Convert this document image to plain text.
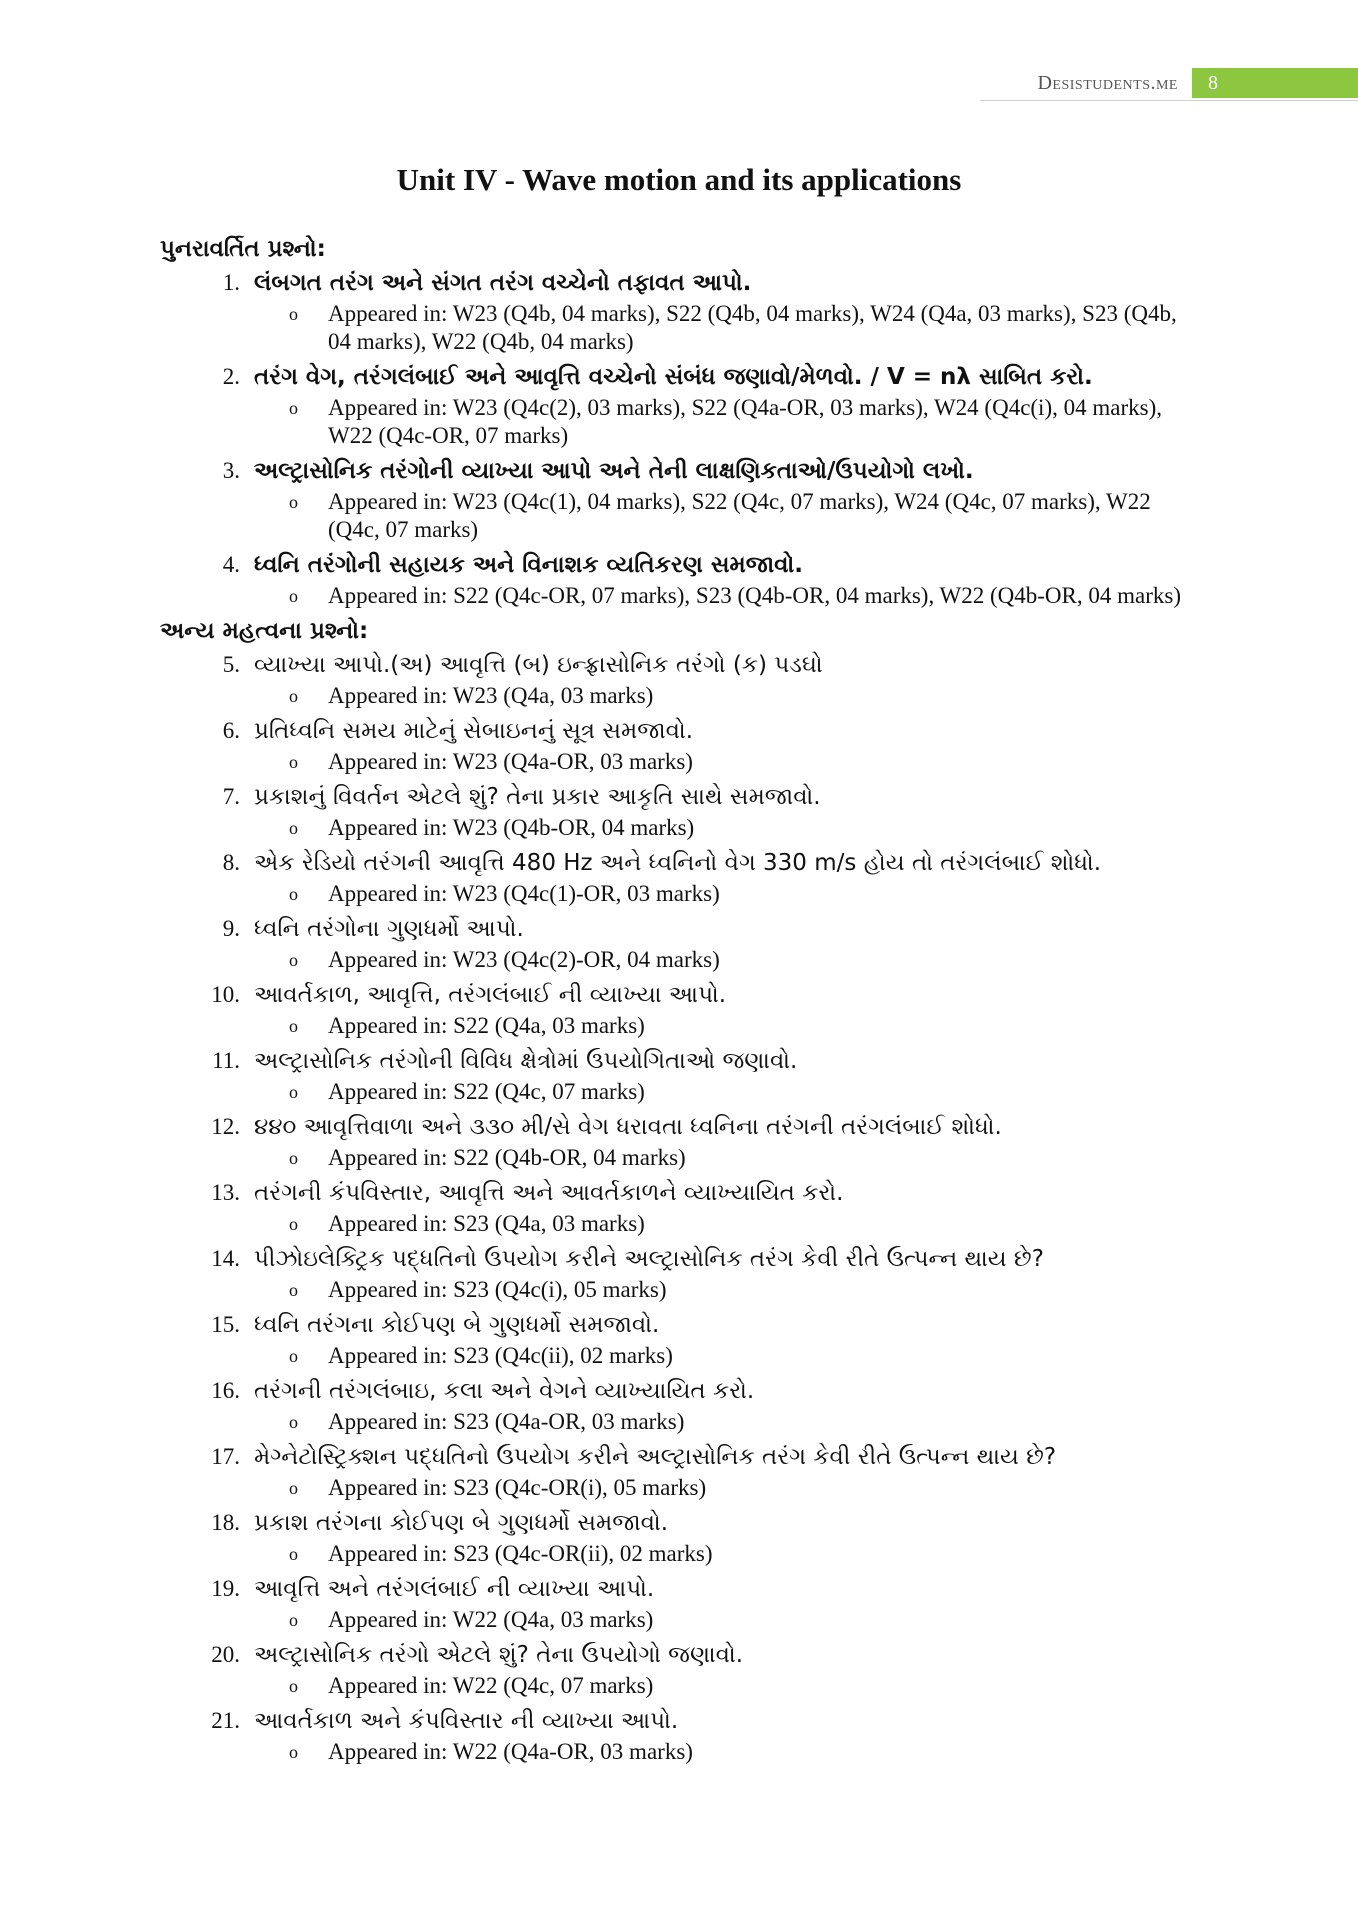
Desistudents.me 8
Unit IV - Wave motion and its applications
પુનરાવર્તિત પ્રશ્નો:
1. લંબગત તરંગ અને સંગત તરંગ વચ્ચેનો તફાવત આપો.
o	Appeared in: W23 (Q4b, 04 marks), S22 (Q4b, 04 marks), W24 (Q4a, 03 marks), S23 (Q4b, 04 marks), W22 (Q4b, 04 marks)
2. તરંગ વેગ, તરંગલંબાઈ અને આવૃત્તિ વચ્ચેનો સંબંધ જણાવો/મેળવો. / V = nλ સાબિત કરો.
o	Appeared in: W23 (Q4c(2), 03 marks), S22 (Q4a-OR, 03 marks), W24 (Q4c(i), 04 marks), W22 (Q4c-OR, 07 marks)
3. અલ્ટ્રાસોનિક તરંગોની વ્યાખ્યા આપો અને તેની લાક્ષણિકતાઓ/ઉપયોગો લખો.
o	Appeared in: W23 (Q4c(1), 04 marks), S22 (Q4c, 07 marks), W24 (Q4c, 07 marks), W22 (Q4c, 07 marks)
4. ધ્વનિ તરંગોની સહાયક અને વિનાશક વ્યતિકરણ સમજાવો.
o	Appeared in: S22 (Q4c-OR, 07 marks), S23 (Q4b-OR, 04 marks), W22 (Q4b-OR, 04 marks)
અન્ય મહત્વના પ્રશ્નો:
5. વ્યાખ્યા આપો.(અ) આવૃત્તિ (બ) ઇન્ફ્રાસોનિક તરંગો (ક) પડઘો
o	Appeared in: W23 (Q4a, 03 marks)
6. પ્રતિધ્વનિ સમય માટેનું સેબાઇનનું સૂત્ર સમજાવો.
o	Appeared in: W23 (Q4a-OR, 03 marks)
7. પ્રકાશનું વિવર્તન એટલે શું? તેના પ્રકાર આકૃતિ સાથે સમજાવો.
o	Appeared in: W23 (Q4b-OR, 04 marks)
8. એક રેડિયો તરંગની આવૃત્તિ 480 Hz અને ધ્વનિનો વેગ 330 m/s હોય તો તરંગલંબાઈ શોધો.
o	Appeared in: W23 (Q4c(1)-OR, 03 marks)
9. ધ્વનિ તરંગોના ગુણધર્મો આપો.
o	Appeared in: W23 (Q4c(2)-OR, 04 marks)
10. આવર્તકાળ, આવૃત્તિ, તરંગલંબાઈ ની વ્યાખ્યા આપો.
o	Appeared in: S22 (Q4a, 03 marks)
11. અલ્ટ્રાસોનિક તરંગોની વિવિધ ક્ષેત્રોમાં ઉપયોગિતાઓ જણાવો.
o	Appeared in: S22 (Q4c, 07 marks)
12. ૪૪૦ આવૃત્તિવાળા અને ૩૩૦ મી/સે વેગ ધરાવતા ધ્વનિના તરંગની તરંગલંબાઈ શોધો.
o	Appeared in: S22 (Q4b-OR, 04 marks)
13. તરંગની કંપવિસ્તાર, આવૃત્તિ અને આવર્તકાળને વ્યાખ્યાયિત કરો.
o	Appeared in: S23 (Q4a, 03 marks)
14. પીઝોઇલેક્ટ્રિક પદ્ધતિનો ઉપયોગ કરીને અલ્ટ્રાસોનિક તરંગ કેવી રીતે ઉત્પન્ન થાય છે?
o	Appeared in: S23 (Q4c(i), 05 marks)
15. ધ્વનિ તરંગના કોઈપણ બે ગુણધર્મો સમજાવો.
o	Appeared in: S23 (Q4c(ii), 02 marks)
16. તરંગની તરંગલંબાઇ, કલા અને વેગને વ્યાખ્યાયિત કરો.
o	Appeared in: S23 (Q4a-OR, 03 marks)
17. મેગ્નેટોસ્ટ્રિક્શન પદ્ધતિનો ઉપયોગ કરીને અલ્ટ્રાસોનિક તરંગ કેવી રીતે ઉત્પન્ન થાય છે?
o	Appeared in: S23 (Q4c-OR(i), 05 marks)
18. પ્રકાશ તરંગના કોઈપણ બે ગુણધર્મો સમજાવો.
o	Appeared in: S23 (Q4c-OR(ii), 02 marks)
19. આવૃત્તિ અને તરંગલંબાઈ ની વ્યાખ્યા આપો.
o	Appeared in: W22 (Q4a, 03 marks)
20. અલ્ટ્રાસોનિક તરંગો એટલે શું? તેના ઉપયોગો જણાવો.
o	Appeared in: W22 (Q4c, 07 marks)
21. આવર્તકાળ અને કંપવિસ્તાર ની વ્યાખ્યા આપો.
o	Appeared in: W22 (Q4a-OR, 03 marks)
